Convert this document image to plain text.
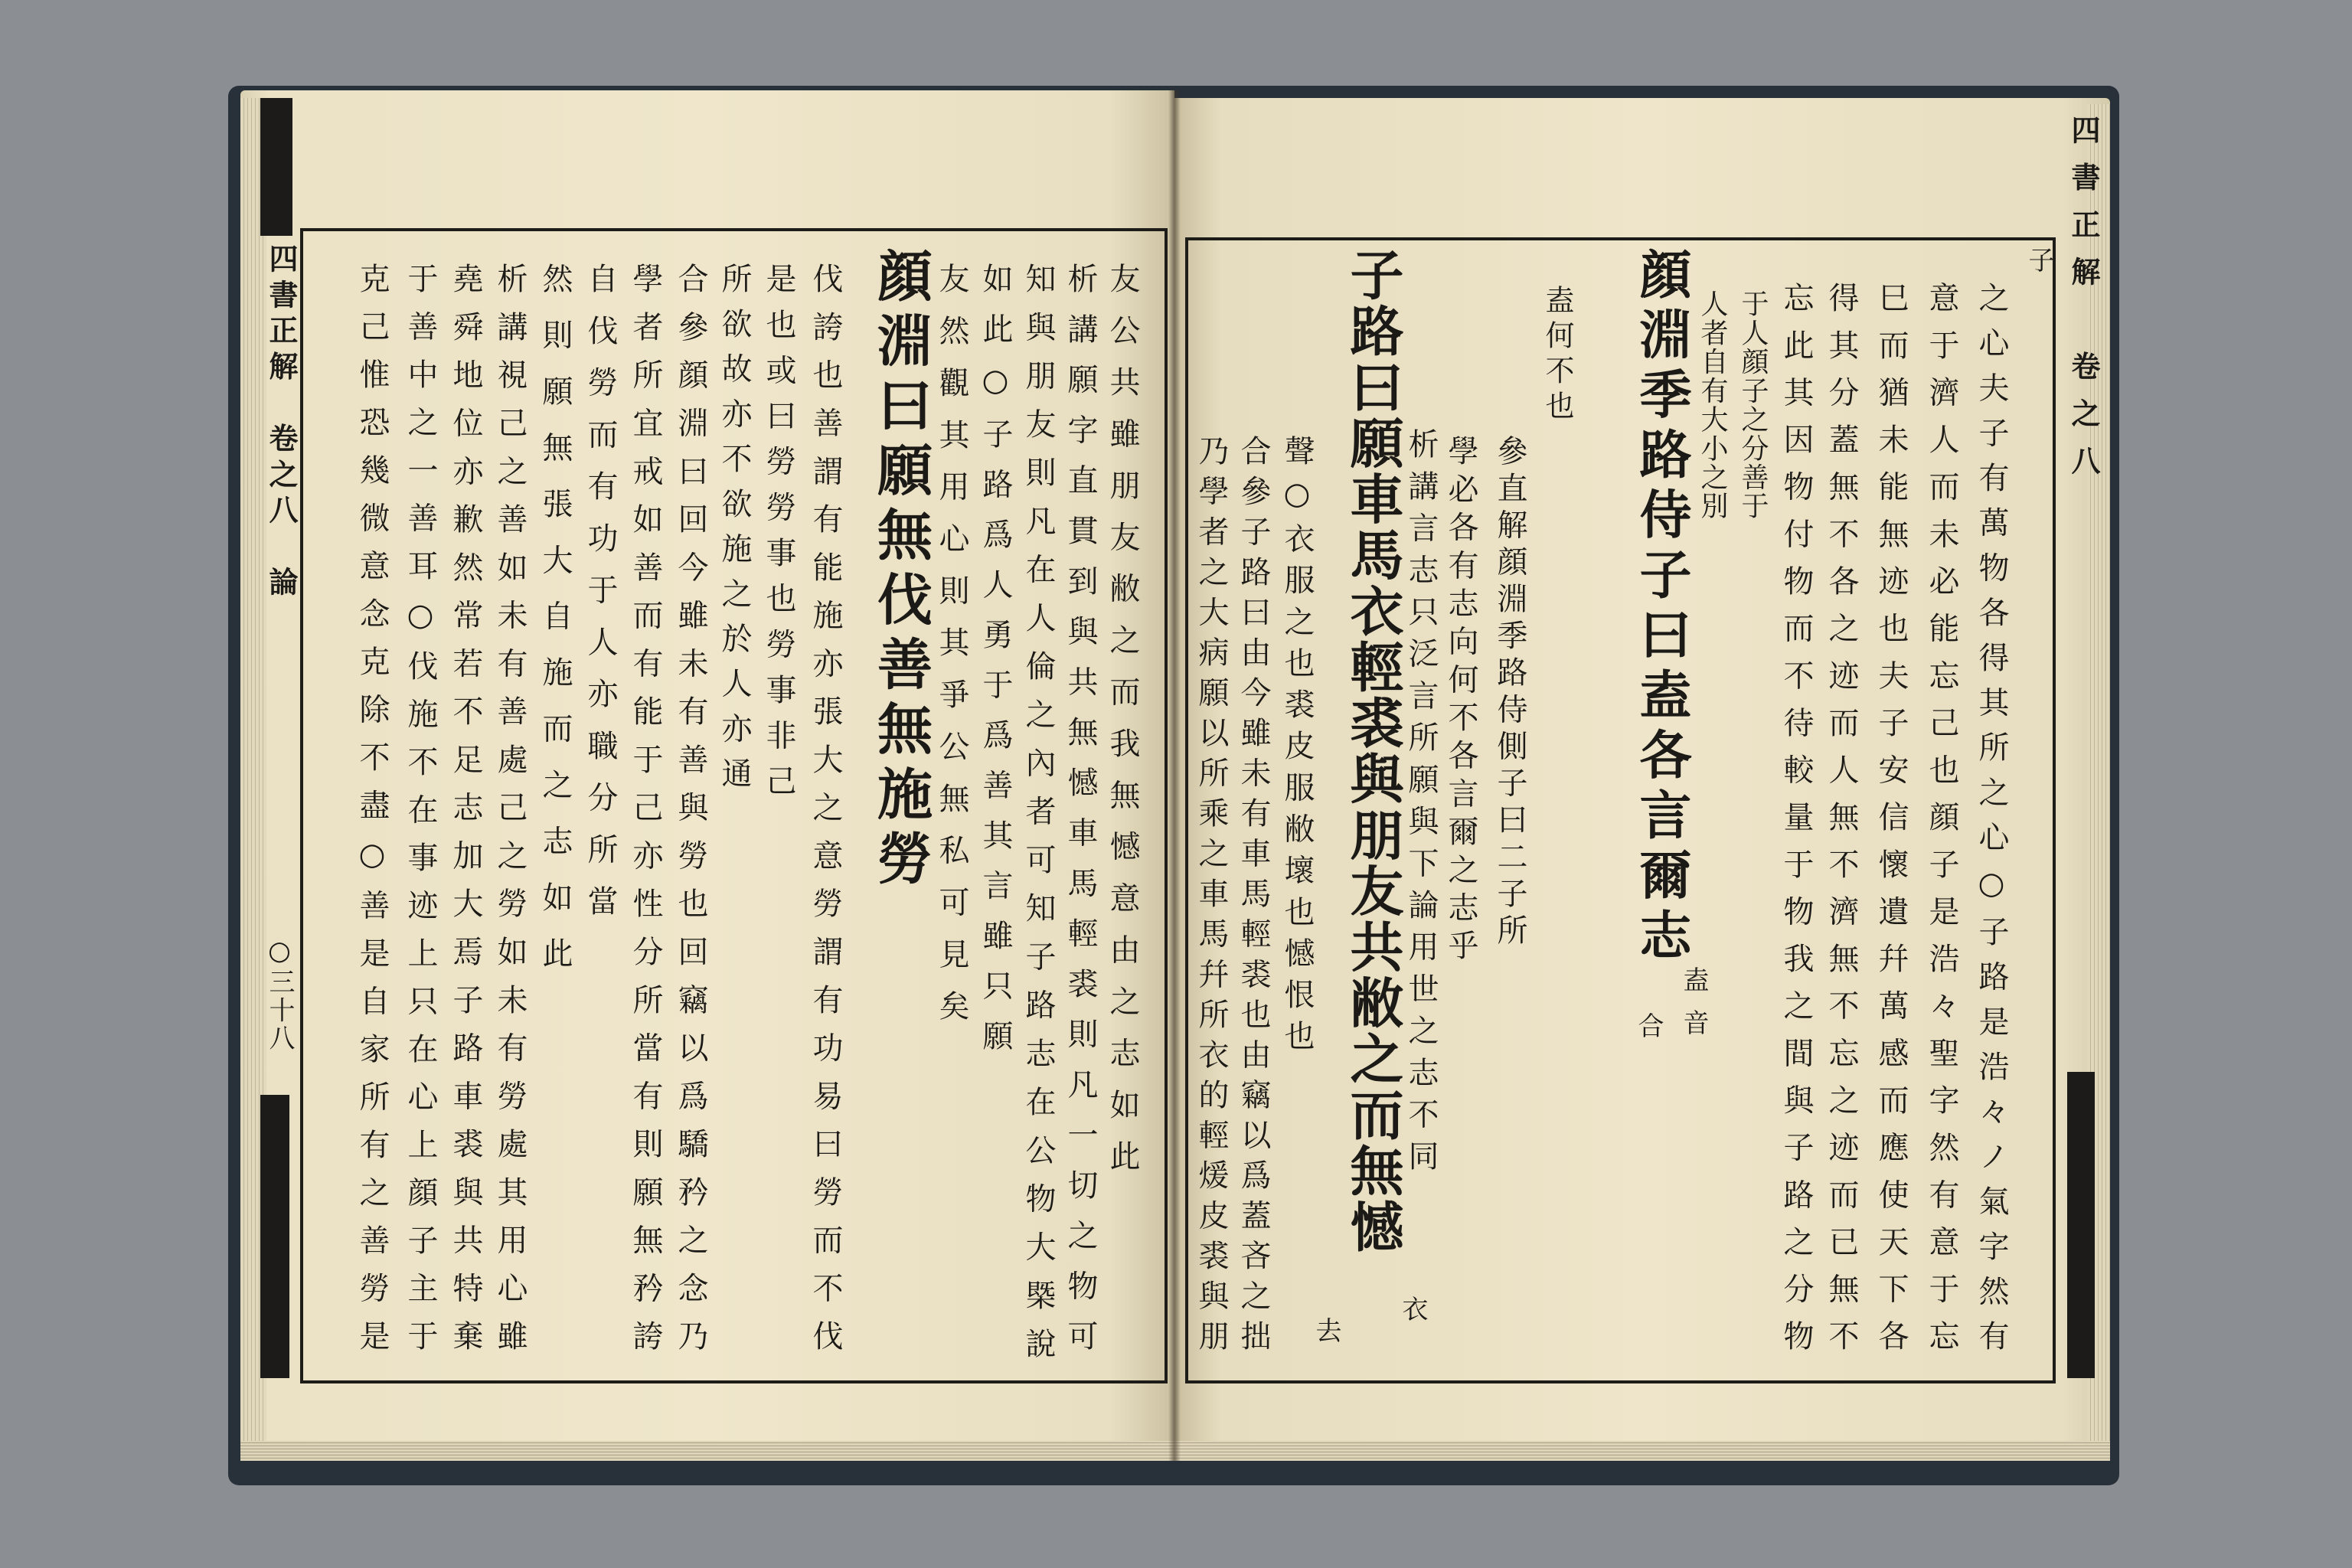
四書正解　卷之八　論
○三十八
四書正解　卷之八
子
之心夫子有萬物各得其所之心○子路是浩々ノ氣字然有
意于濟人而未必能忘己也顔子是浩々聖字然有意于忘
巳而猶未能無迹也夫子安信懷遺幷萬感而應使天下各
得其分蓋無不各之迹而人無不濟無不忘之迹而已無不
忘此其因物付物而不待較量于物我之間與子路之分物
于人顔子之分善于
人者自有大小之別
顔淵季路侍子曰盍各言爾志
盍音
合
盍何不也
參直解顔淵季路侍側子曰二子所
學必各有志向何不各言爾之志乎
析講言志只泛言所願與下論用世之志不同
子路曰願車馬衣輕裘與朋友共敝之而無憾
衣
去
聲○衣服之也裘皮服敝壞也憾恨也
合參子路曰由今雖未有車馬輕裘也由竊以爲蓋吝之拙
乃學者之大病願以所乘之車馬幷所衣的輕煖皮裘與朋
友公共雖朋友敝之而我無憾意由之志如此
析講願字直貫到與共無憾車馬輕裘則凡一切之物可
知與朋友則凡在人倫之內者可知子路志在公物大槩說
如此○子路爲人勇于爲善其言雖只願
友然觀其用心則其爭公無私可見矣
顔淵曰願無伐善無施勞
伐誇也善謂有能施亦張大之意勞謂有功易曰勞而不伐
是也或曰勞勞事也勞事非己
所欲故亦不欲施之於人亦通
合參顔淵曰回今雖未有善與勞也回竊以爲驕矜之念乃
學者所宜戒如善而有能于己亦性分所當有則願無矜誇
自伐勞而有功于人亦職分所當
然則願無張大自施而之志如此
析講視己之善如未有善處己之勞如未有勞處其用心雖
堯舜地位亦歉然常若不足志加大焉子路車裘與共特棄
于善中之一善耳○伐施不在事迹上只在心上顔子主于
克己惟恐幾微意念克除不盡○善是自家所有之善勞是
